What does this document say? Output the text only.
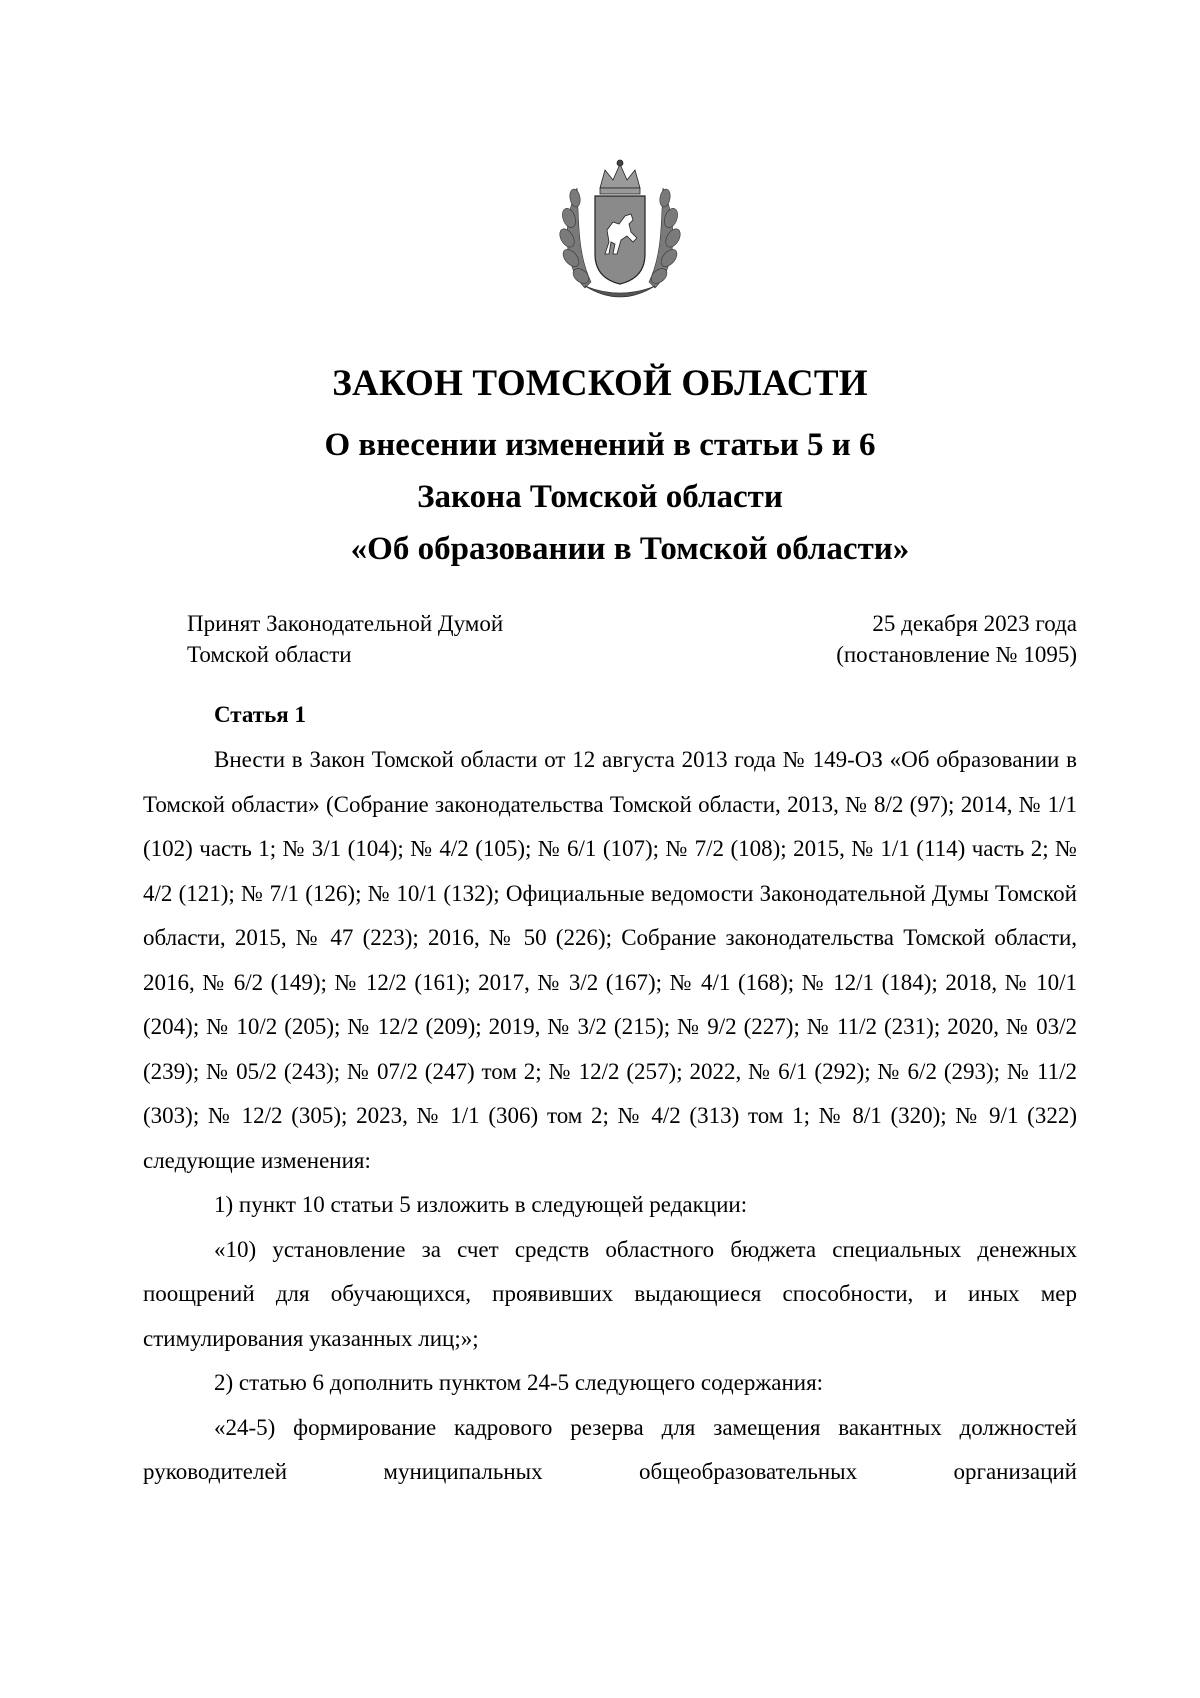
ЗАКОН ТОМСКОЙ ОБЛАСТИ
О внесении изменений в статьи 5 и 6
Закона Томской области
«Об образовании в Томской области»
Принят Законодательной Думой
Томской области
25 декабря 2023 года
(постановление № 1095)
Статья 1

Внести в Закон Томской области от 12 августа 2013 года № 149-ОЗ «Об образовании в Томской области» (Собрание законодательства Томской области, 2013, № 8/2 (97); 2014, № 1/1 (102) часть 1; № 3/1 (104); № 4/2 (105); № 6/1 (107); № 7/2 (108); 2015, № 1/1 (114) часть 2; № 4/2 (121); № 7/1 (126); № 10/1 (132); Официальные ведомости Законодательной Думы Томской области, 2015, № 47 (223); 2016, № 50 (226); Собрание законодательства Томской области, 2016, № 6/2 (149); № 12/2 (161); 2017, № 3/2 (167); № 4/1 (168); № 12/1 (184); 2018, № 10/1 (204); № 10/2 (205); № 12/2 (209); 2019, № 3/2 (215); № 9/2 (227); № 11/2 (231); 2020, № 03/2 (239); № 05/2 (243); № 07/2 (247) том 2; № 12/2 (257); 2022, № 6/1 (292); № 6/2 (293); № 11/2 (303); № 12/2 (305); 2023, № 1/1 (306) том 2; № 4/2 (313) том 1; № 8/1 (320); № 9/1 (322) следующие изменения:

1) пункт 10 статьи 5 изложить в следующей редакции:

«10) установление за счет средств областного бюджета специальных денежных поощрений для обучающихся, проявивших выдающиеся способности, и иных мер стимулирования указанных лиц;»;

2) статью 6 дополнить пунктом 24-5 следующего содержания:

«24-5) формирование кадрового резерва для замещения вакантных должностей руководителей муниципальных общеобразовательных организаций
